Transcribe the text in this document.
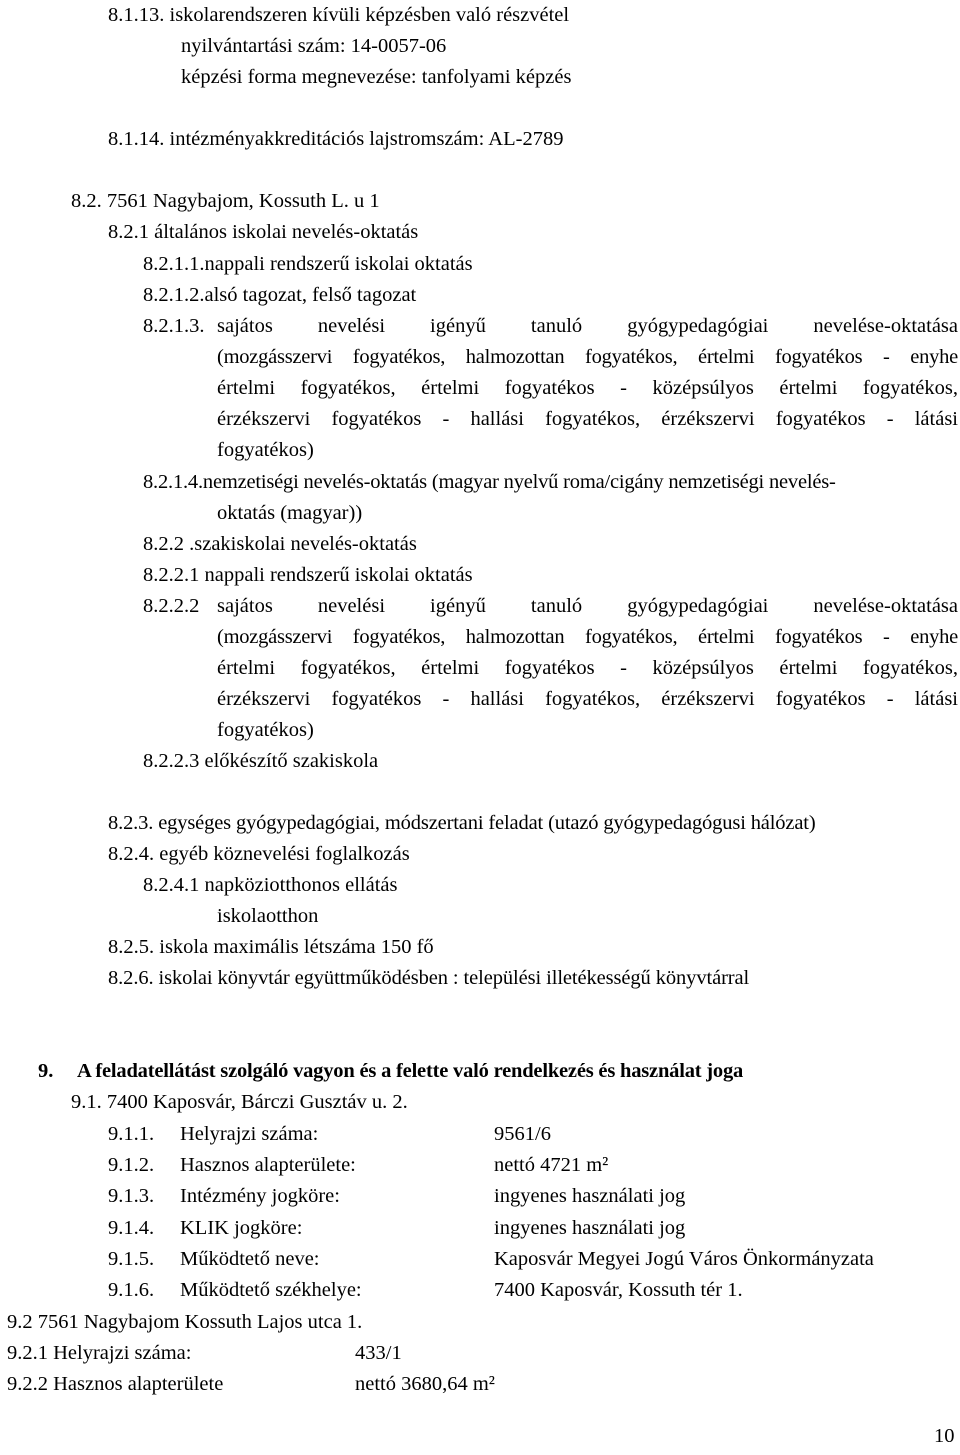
8.1.13. iskolarendszeren kívüli képzésben való részvétel
nyilvántartási szám: 14-0057-06
képzési forma megnevezése: tanfolyami képzés
8.1.14. intézményakkreditációs lajstromszám: AL-2789
8.2. 7561 Nagybajom, Kossuth L. u 1
8.2.1 általános iskolai nevelés-oktatás
8.2.1.1.nappali rendszerű iskolai oktatás
8.2.1.2.alsó tagozat, felső tagozat
8.2.1.3. sajátos nevelési igényű tanuló gyógypedagógiai nevelése-oktatása
(mozgásszervi fogyatékos, halmozottan fogyatékos, értelmi fogyatékos - enyhe
értelmi fogyatékos, értelmi fogyatékos - középsúlyos értelmi fogyatékos,
érzékszervi fogyatékos - hallási fogyatékos, érzékszervi fogyatékos - látási
fogyatékos)
8.2.1.4.nemzetiségi nevelés-oktatás (magyar nyelvű roma/cigány nemzetiségi nevelés-
oktatás (magyar))
8.2.2 .szakiskolai nevelés-oktatás
8.2.2.1 nappali rendszerű iskolai oktatás
8.2.2.2 sajátos nevelési igényű tanuló gyógypedagógiai nevelése-oktatása
(mozgásszervi fogyatékos, halmozottan fogyatékos, értelmi fogyatékos - enyhe
értelmi fogyatékos, értelmi fogyatékos - középsúlyos értelmi fogyatékos,
érzékszervi fogyatékos - hallási fogyatékos, érzékszervi fogyatékos - látási
fogyatékos)
8.2.2.3 előkészítő szakiskola
8.2.3. egységes gyógypedagógiai, módszertani feladat (utazó gyógypedagógusi hálózat)
8.2.4. egyéb köznevelési foglalkozás
8.2.4.1 napköziotthonos ellátás
iskolaotthon
8.2.5. iskola maximális létszáma 150 fő
8.2.6. iskolai könyvtár együttműködésben : települési illetékességű könyvtárral
9. A feladatellátást szolgáló vagyon és a felette való rendelkezés és használat joga
9.1. 7400 Kaposvár, Bárczi Gusztáv u. 2.
9.1.1. Helyrajzi száma:	9561/6
9.1.2. Hasznos alapterülete:	nettó 4721 m²
9.1.3. Intézmény jogköre:	ingyenes használati jog
9.1.4. KLIK jogköre:	ingyenes használati jog
9.1.5. Működtető neve:	Kaposvár Megyei Jogú Város Önkormányzata
9.1.6. Működtető székhelye:	7400 Kaposvár, Kossuth tér 1.
9.2 7561 Nagybajom Kossuth Lajos utca 1.
9.2.1 Helyrajzi száma:	433/1
9.2.2 Hasznos alapterülete	nettó 3680,64 m²
10
